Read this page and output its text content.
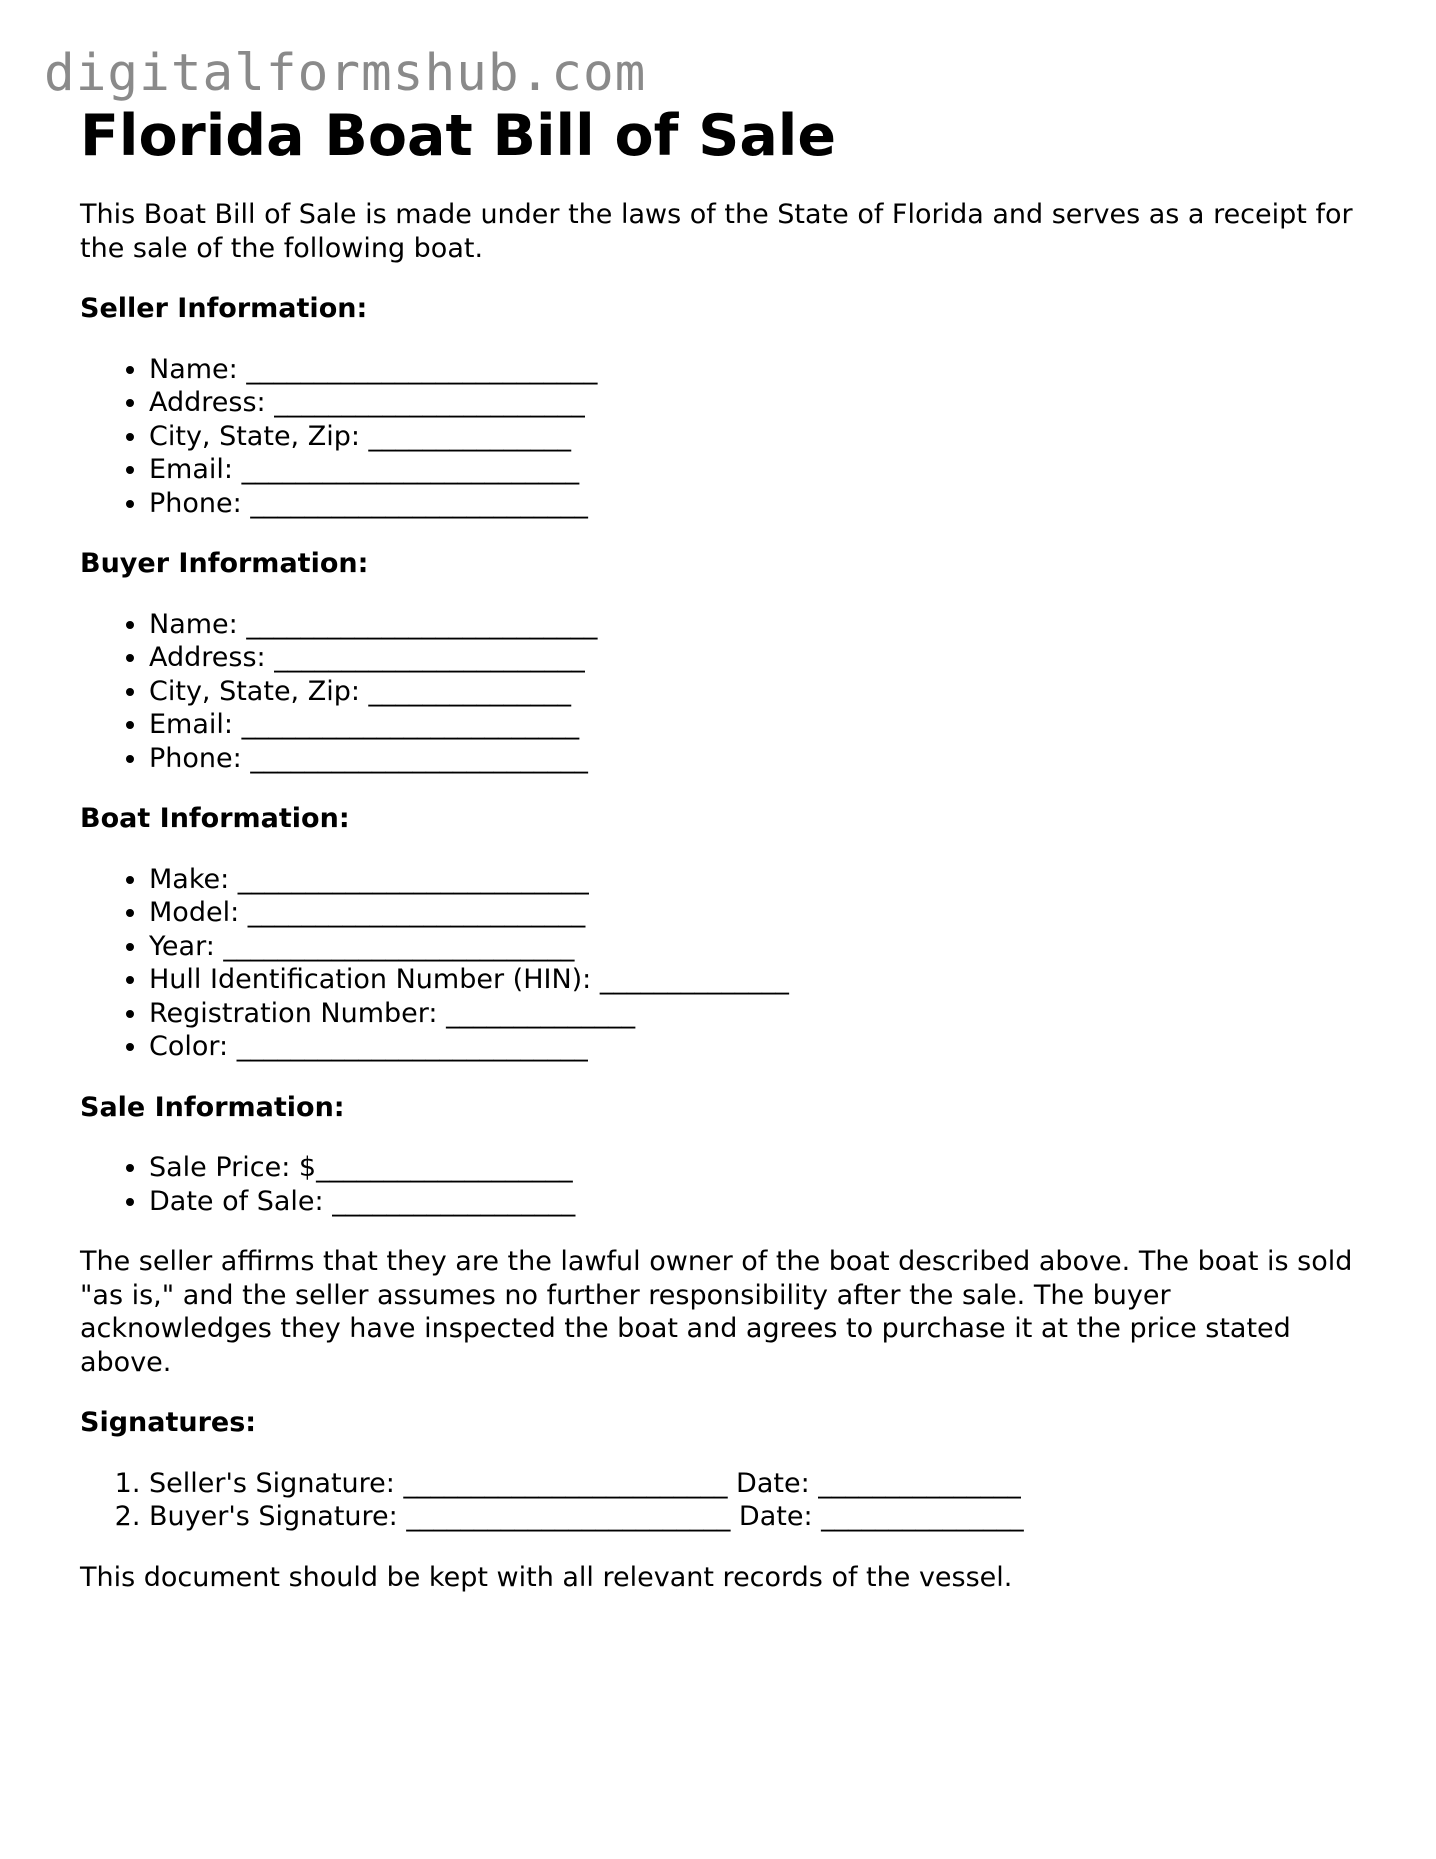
digitalformshub.com
Florida Boat Bill of Sale

This Boat Bill of Sale is made under the laws of the State of Florida and serves as a receipt for the sale of the following boat.

Seller Information:
• Name: __________________________
• Address: _______________________
• City, State, Zip: _______________
• Email: _________________________
• Phone: _________________________
Buyer Information:
• Name: __________________________
• Address: _______________________
• City, State, Zip: _______________
• Email: _________________________
• Phone: _________________________
Boat Information:
• Make: __________________________
• Model: _________________________
• Year: __________________________
• Hull Identification Number (HIN): ______________
• Registration Number: ______________
• Color: __________________________
Sale Information:
• Sale Price: $___________________
• Date of Sale: __________________

The seller affirms that they are the lawful owner of the boat described above. The boat is sold "as is," and the seller assumes no further responsibility after the sale. The buyer acknowledges they have inspected the boat and agrees to purchase it at the price stated above.

Signatures:
1. Seller's Signature: ________________________ Date: _______________
2. Buyer's Signature: ________________________ Date: _______________

This document should be kept with all relevant records of the vessel.
